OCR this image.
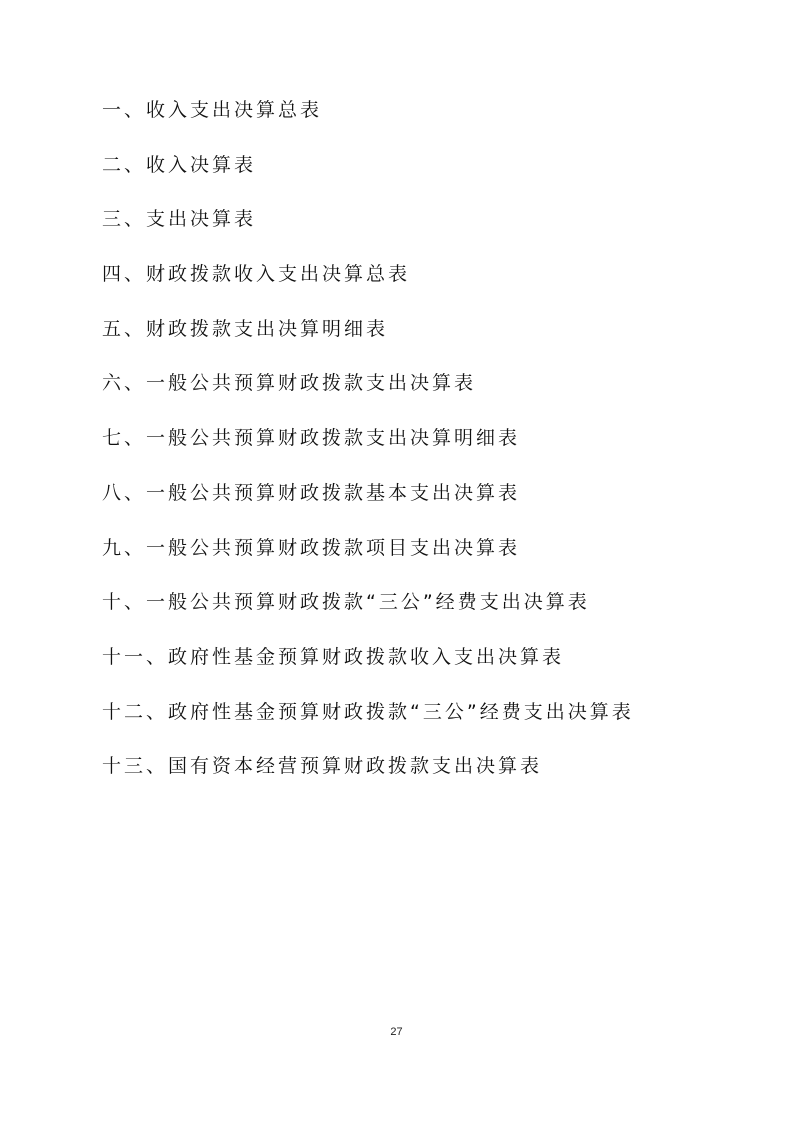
一、收入支出决算总表
二、收入决算表
三、支出决算表
四、财政拨款收入支出决算总表
五、财政拨款支出决算明细表
六、一般公共预算财政拨款支出决算表
七、一般公共预算财政拨款支出决算明细表
八、一般公共预算财政拨款基本支出决算表
九、一般公共预算财政拨款项目支出决算表
十、一般公共预算财政拨款“三公”经费支出决算表
十一、政府性基金预算财政拨款收入支出决算表
十二、政府性基金预算财政拨款“三公”经费支出决算表
十三、国有资本经营预算财政拨款支出决算表
27
